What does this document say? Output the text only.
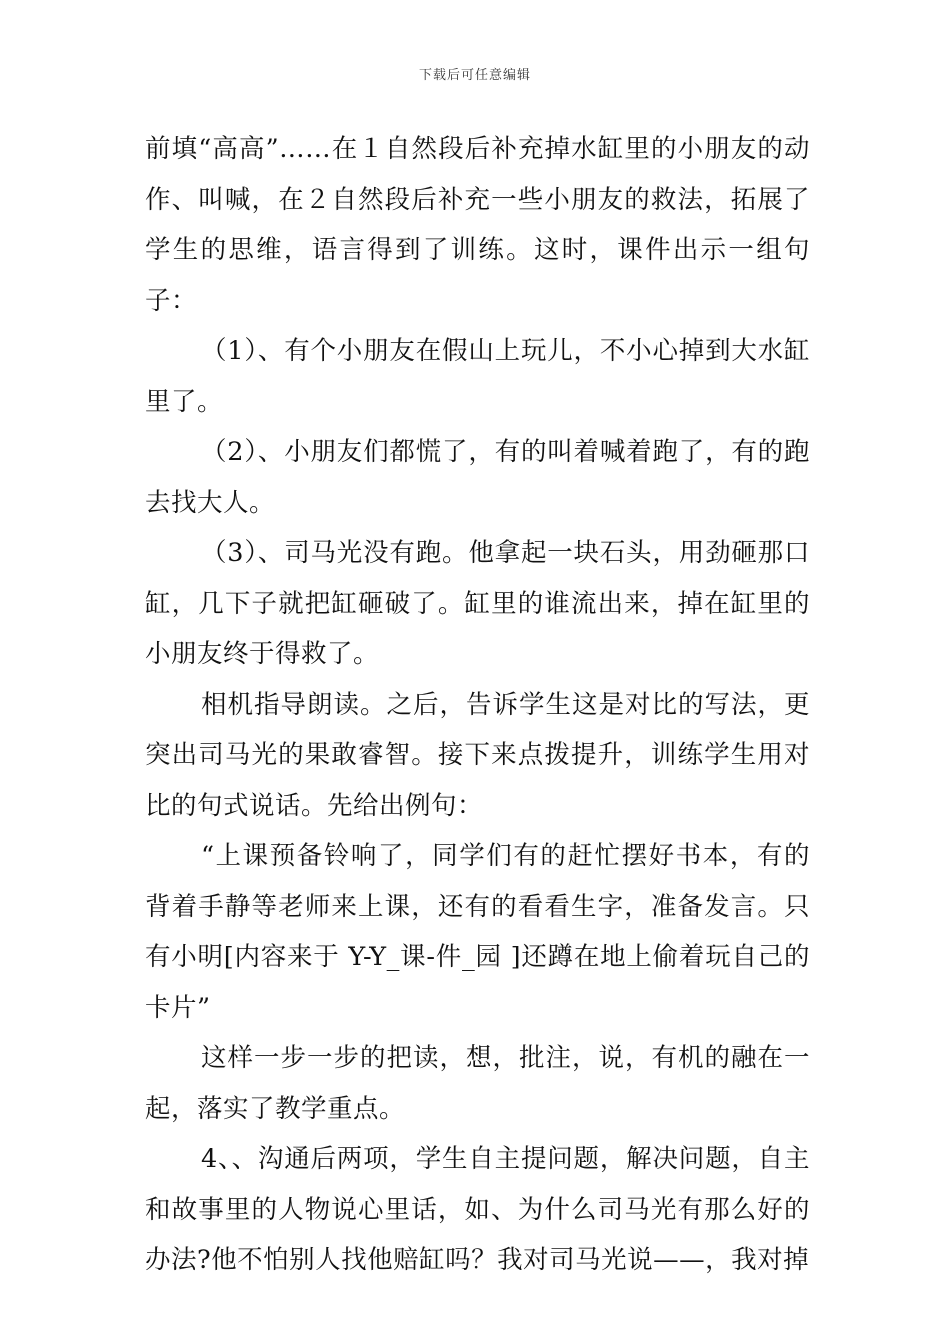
下载后可任意编辑

前填“高高”……在１自然段后补充掉水缸里的小朋友的动作、叫喊，在２自然段后补充一些小朋友的救法，拓展了学生的思维，语言得到了训练。这时，课件出示一组句子：

（1）、有个小朋友在假山上玩儿，不小心掉到大水缸里了。

（2）、小朋友们都慌了，有的叫着喊着跑了，有的跑去找大人。

（3）、司马光没有跑。他拿起一块石头，用劲砸那口缸，几下子就把缸砸破了。缸里的谁流出来，掉在缸里的小朋友终于得救了。

相机指导朗读。之后，告诉学生这是对比的写法，更突出司马光的果敢睿智。接下来点拨提升，训练学生用对比的句式说话。先给出例句：

“上课预备铃响了，同学们有的赶忙摆好书本，有的背着手静等老师来上课，还有的看看生字，准备发言。只有小明[内容来于 Y-Y_课-件_园 ]还蹲在地上偷着玩自己的卡片”

这样一步一步的把读，想，批注，说，有机的融在一起，落实了教学重点。

4、、沟通后两项，学生自主提问题，解决问题，自主和故事里的人物说心里话，如、为什么司马光有那么好的办法?他不怕别人找他赔缸吗？我对司马光说——，我对掉
